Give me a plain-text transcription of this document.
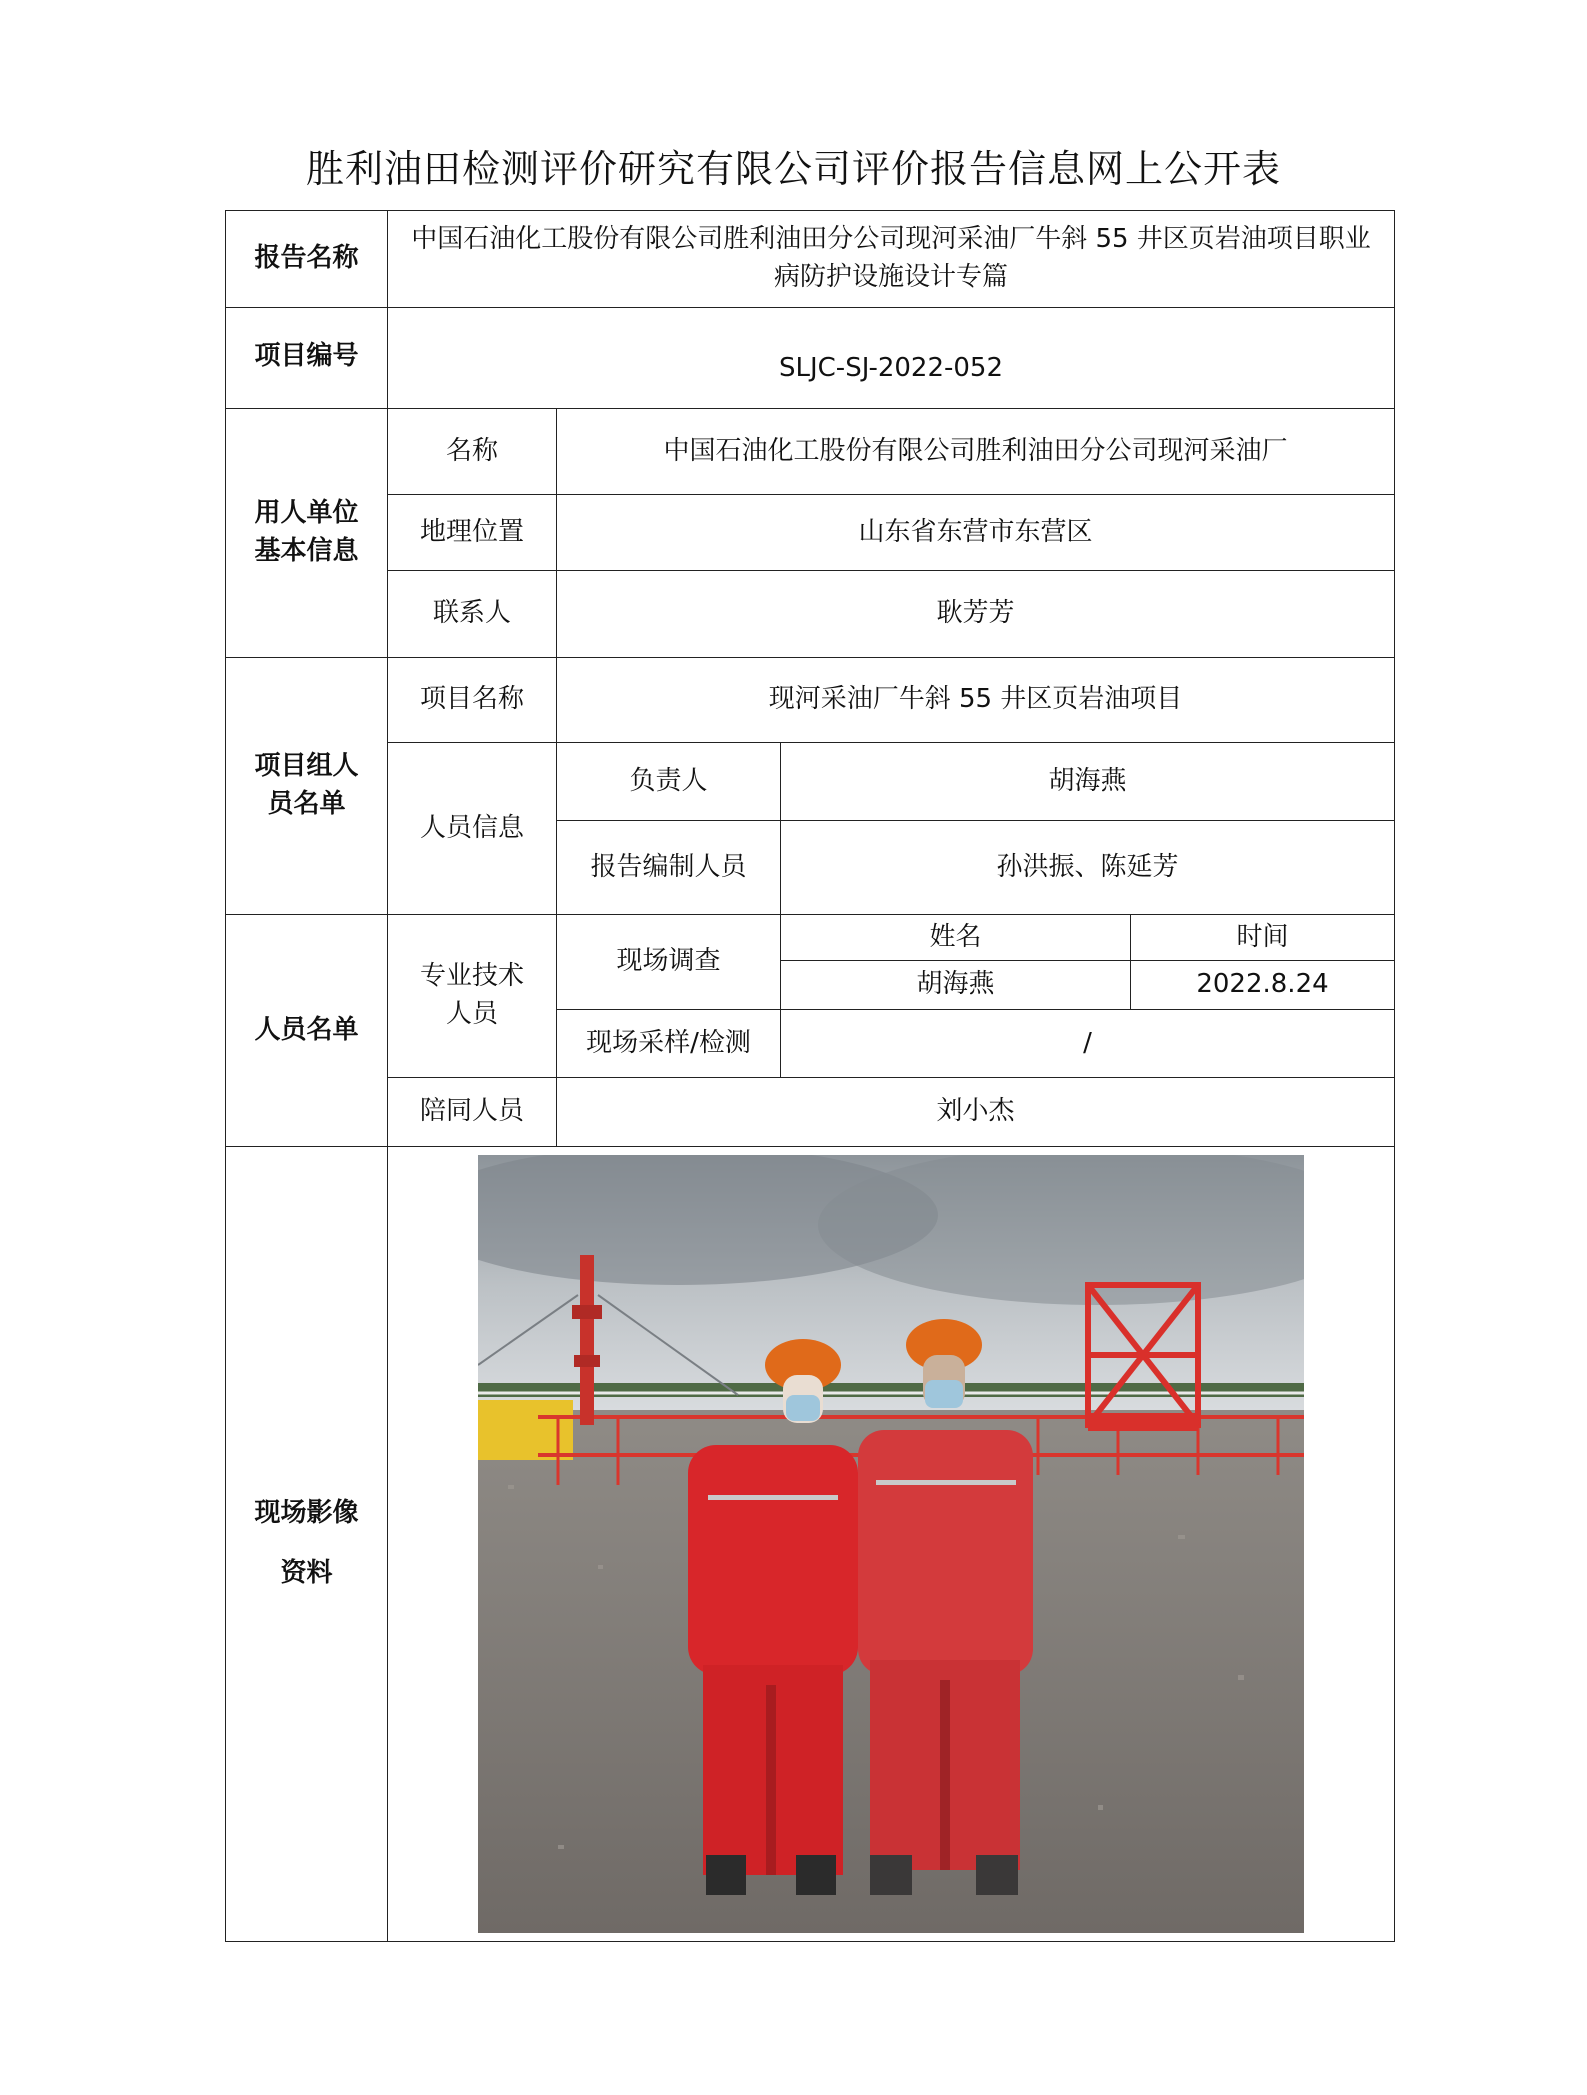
胜利油田检测评价研究有限公司评价报告信息网上公开表
报告名称	中国石油化工股份有限公司胜利油田分公司现河采油厂牛斜 55 井区页岩油项目职业病防护设施设计专篇			
项目编号	SLJC-SJ-2022-052			
用人单位基本信息	名称	中国石油化工股份有限公司胜利油田分公司现河采油厂		
	地理位置	山东省东营市东营区		
	联系人	耿芳芳		
项目组人员名单	项目名称	现河采油厂牛斜 55 井区页岩油项目		
	人员信息	负责人	胡海燕	
		报告编制人员	孙洪振、陈延芳	
人员名单	专业技术人员	现场调查	姓名	时间
			胡海燕	2022.8.24
		现场采样/检测	/	
	陪同人员	刘小杰		
现场影像
资料	
